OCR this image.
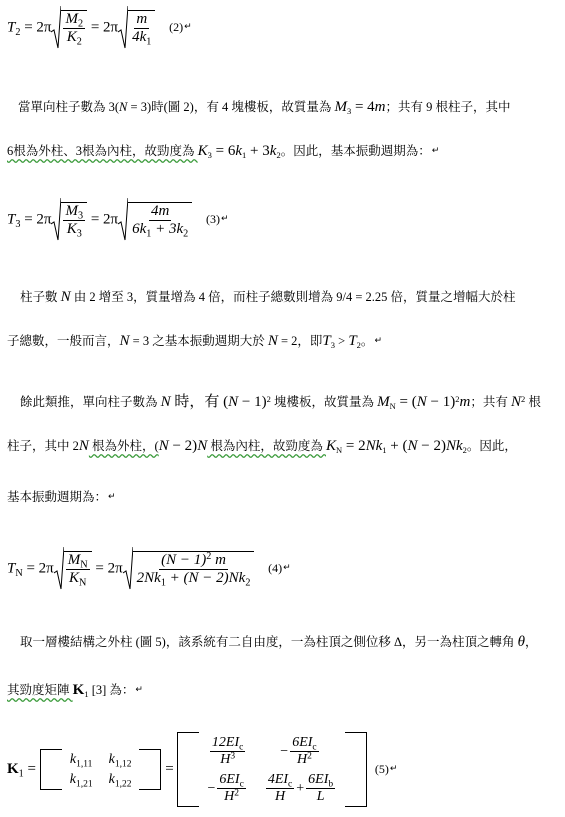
$T_2 = 2\pi \frac{M_2}{K_2} = 2\pi \frac{m}{4k_1}$ (2)↵
當單向柱子數為 3(N = 3)時(圖 2)，有 4 塊樓板，故質量為 $M_3 = 4m$；共有 9 根柱子，其中
6根為外柱、3根為內柱，故勁度為 $K_3 = 6k_1 + 3k_2$。因此，基本振動週期為：↵
$T_3 = 2\pi \frac{M_3}{K_3} = 2\pi \frac{4m}{6k_1 + 3k_2}$ (3)↵
柱子數 N 由 2 增至 3，質量增為 4 倍，而柱子總數則增為 9/4 = 2.25 倍，質量之增幅大於柱
子總數，一般而言，N = 3 之基本振動週期大於 N = 2，即$T_3 > T_2$。↵
餘此類推，單向柱子數為 N 時，有 $(N - 1)^2$ 塊樓板，故質量為 $M_N = (N - 1)^2m$；共有 $N^2$ 根
柱子，其中 2N 根為外柱，(N − 2)N 根為內柱，故勁度為 $K_N = 2Nk_1 + (N - 2)Nk_2$。因此，
基本振動週期為：↵
$T_N = 2\pi \frac{M_N}{K_N} = 2\pi \frac{(N - 1)^2 m}{2Nk_1 + (N - 2)Nk_2}$ (4)↵
取一層樓結構之外柱 (圖 5)，該系統有二自由度，一為柱頂之側位移 Δ，另一為柱頂之轉角 θ，
其勁度矩陣 $K_1$ [3] 為：↵
$K_1$ =	$k_{1,11}$	$k_{1,12}$	
	$k_{1,21}$	$k_{1,22}$ =	
	$\frac{12EI_c}{H^3}$	− $\frac{6EI_c}{H^2}$

	− $\frac{6EI_c}{H^2}$	$\frac{4EI_c}{H} + \frac{6EI_b}{L}$
(5)↵
